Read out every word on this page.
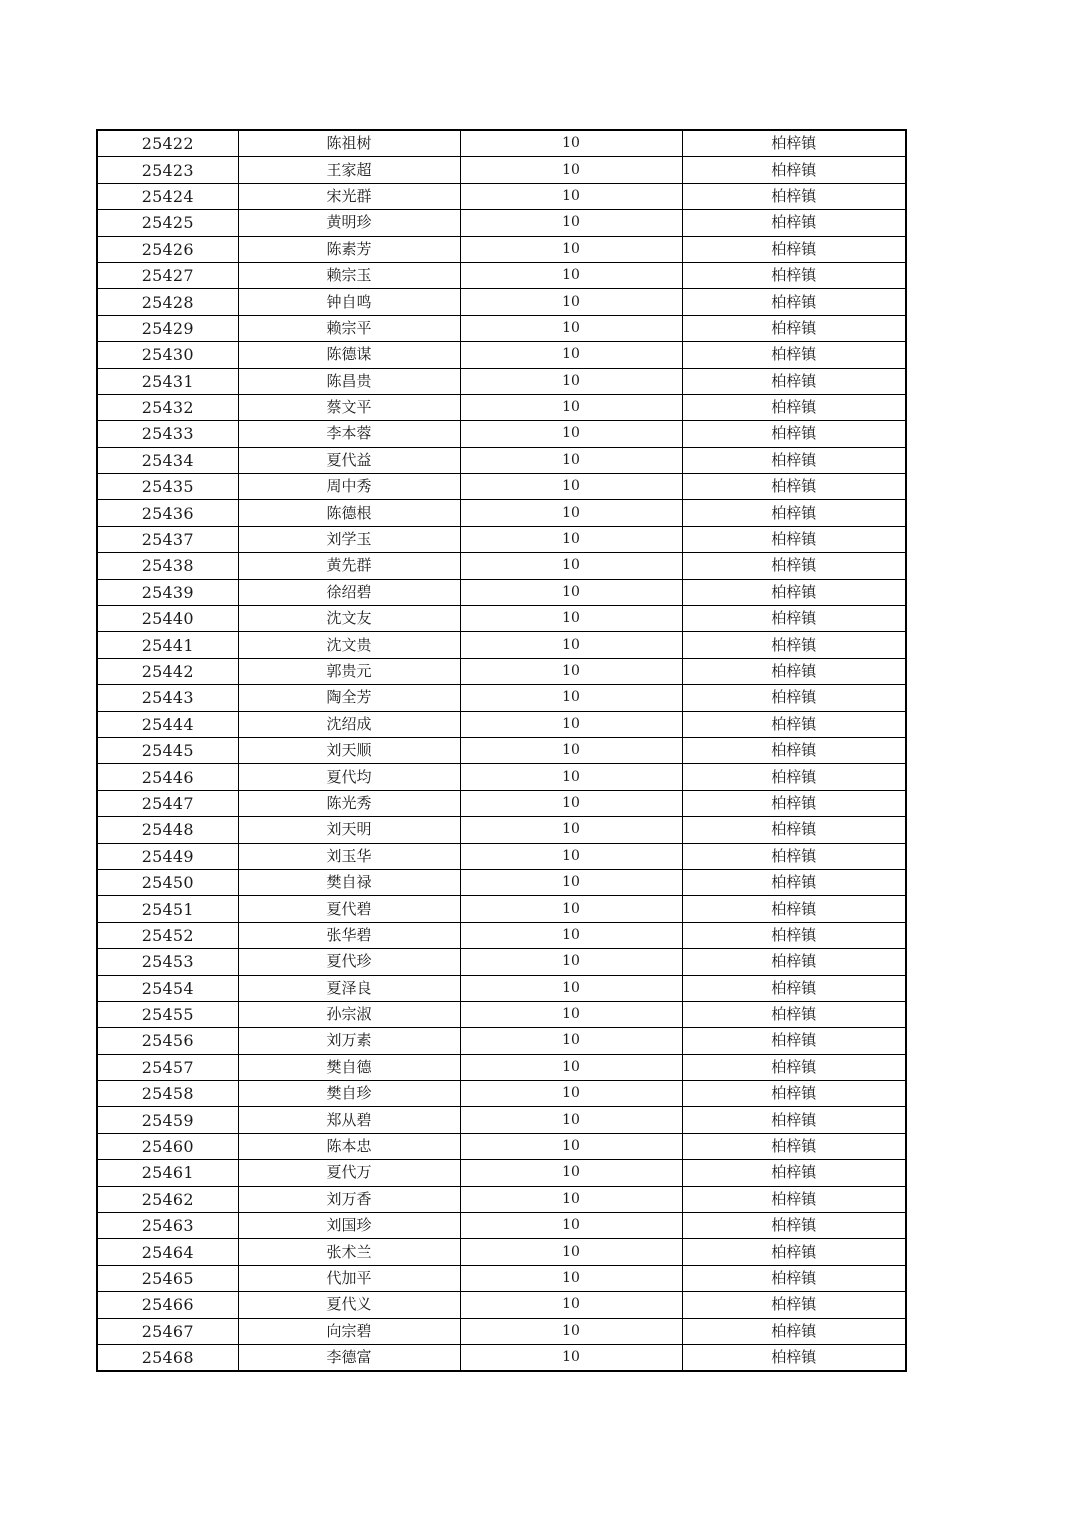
25422	陈祖树	10	柏梓镇
25423	王家超	10	柏梓镇
25424	宋光群	10	柏梓镇
25425	黄明珍	10	柏梓镇
25426	陈素芳	10	柏梓镇
25427	赖宗玉	10	柏梓镇
25428	钟自鸣	10	柏梓镇
25429	赖宗平	10	柏梓镇
25430	陈德谋	10	柏梓镇
25431	陈昌贵	10	柏梓镇
25432	蔡文平	10	柏梓镇
25433	李本蓉	10	柏梓镇
25434	夏代益	10	柏梓镇
25435	周中秀	10	柏梓镇
25436	陈德根	10	柏梓镇
25437	刘学玉	10	柏梓镇
25438	黄先群	10	柏梓镇
25439	徐绍碧	10	柏梓镇
25440	沈文友	10	柏梓镇
25441	沈文贵	10	柏梓镇
25442	郭贵元	10	柏梓镇
25443	陶全芳	10	柏梓镇
25444	沈绍成	10	柏梓镇
25445	刘天顺	10	柏梓镇
25446	夏代均	10	柏梓镇
25447	陈光秀	10	柏梓镇
25448	刘天明	10	柏梓镇
25449	刘玉华	10	柏梓镇
25450	樊自禄	10	柏梓镇
25451	夏代碧	10	柏梓镇
25452	张华碧	10	柏梓镇
25453	夏代珍	10	柏梓镇
25454	夏泽良	10	柏梓镇
25455	孙宗淑	10	柏梓镇
25456	刘万素	10	柏梓镇
25457	樊自德	10	柏梓镇
25458	樊自珍	10	柏梓镇
25459	郑从碧	10	柏梓镇
25460	陈本忠	10	柏梓镇
25461	夏代万	10	柏梓镇
25462	刘万香	10	柏梓镇
25463	刘国珍	10	柏梓镇
25464	张术兰	10	柏梓镇
25465	代加平	10	柏梓镇
25466	夏代义	10	柏梓镇
25467	向宗碧	10	柏梓镇
25468	李德富	10	柏梓镇
